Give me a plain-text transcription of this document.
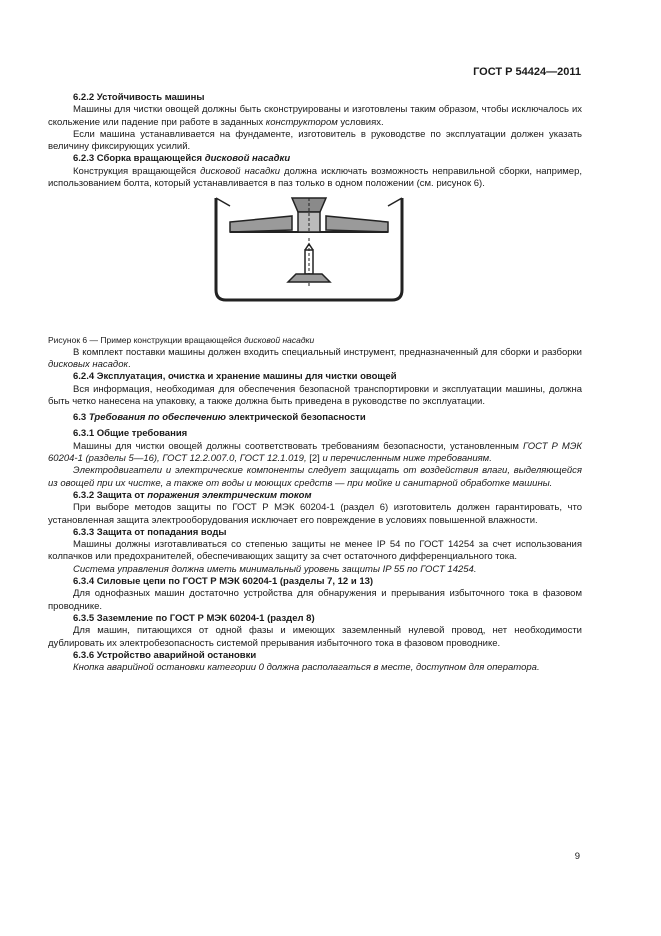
ГОСТ Р 54424—2011

6.2.2 Устойчивость машины

Машины для чистки овощей должны быть сконструированы и изготовлены таким образом, чтобы исключалось их скольжение или падение при работе в заданных конструктором условиях.

Если машина устанавливается на фундаменте, изготовитель в руководстве по эксплуатации должен указать величину фиксирующих усилий.

6.2.3 Сборка вращающейся дисковой насадки

Конструкция вращающейся дисковой насадки должна исключать возможность неправильной сборки, например, использованием болта, который устанавливается в паз только в одном положении (см. рисунок 6).

Рисунок 6 — Пример конструкции вращающейся дисковой насадки

В комплект поставки машины должен входить специальный инструмент, предназначенный для сборки и разборки дисковых насадок.

6.2.4 Эксплуатация, очистка и хранение машины для чистки овощей

Вся информация, необходимая для обеспечения безопасной транспортировки и эксплуатации машины, должна быть четко нанесена на упаковку, а также должна быть приведена в руководстве по эксплуатации.

6.3 Требования по обеспечению электрической безопасности

6.3.1 Общие требования

Машины для чистки овощей должны соответствовать требованиям безопасности, установленным ГОСТ Р МЭК 60204-1 (разделы 5—16), ГОСТ 12.2.007.0, ГОСТ 12.1.019, [2] и перечисленным ниже требованиям.

Электродвигатели и электрические компоненты следует защищать от воздействия влаги, выделяющейся из овощей при их чистке, а также от воды и моющих средств — при мойке и санитарной обработке машины.

6.3.2 Защита от поражения электрическим током

При выборе методов защиты по ГОСТ Р МЭК 60204-1 (раздел 6) изготовитель должен гарантировать, что установленная защита электрооборудования исключает его повреждение в условиях повышенной влажности.

6.3.3 Защита от попадания воды

Машины должны изготавливаться со степенью защиты не менее IP 54 по ГОСТ 14254 за счет использования колпачков или предохранителей, обеспечивающих защиту за счет остаточного дифференциального тока.

Система управления должна иметь минимальный уровень защиты IP 55 по ГОСТ 14254.

6.3.4 Силовые цепи по ГОСТ Р МЭК 60204-1 (разделы 7, 12 и 13)

Для однофазных машин достаточно устройства для обнаружения и прерывания избыточного тока в фазовом проводнике.

6.3.5 Заземление по ГОСТ Р МЭК 60204-1 (раздел 8)

Для машин, питающихся от одной фазы и имеющих заземленный нулевой провод, нет необходимости дублировать их электробезопасность системой прерывания избыточного тока в фазовом проводнике.

6.3.6 Устройство аварийной остановки

Кнопка аварийной остановки категории 0 должна располагаться в месте, доступном для оператора.

9
